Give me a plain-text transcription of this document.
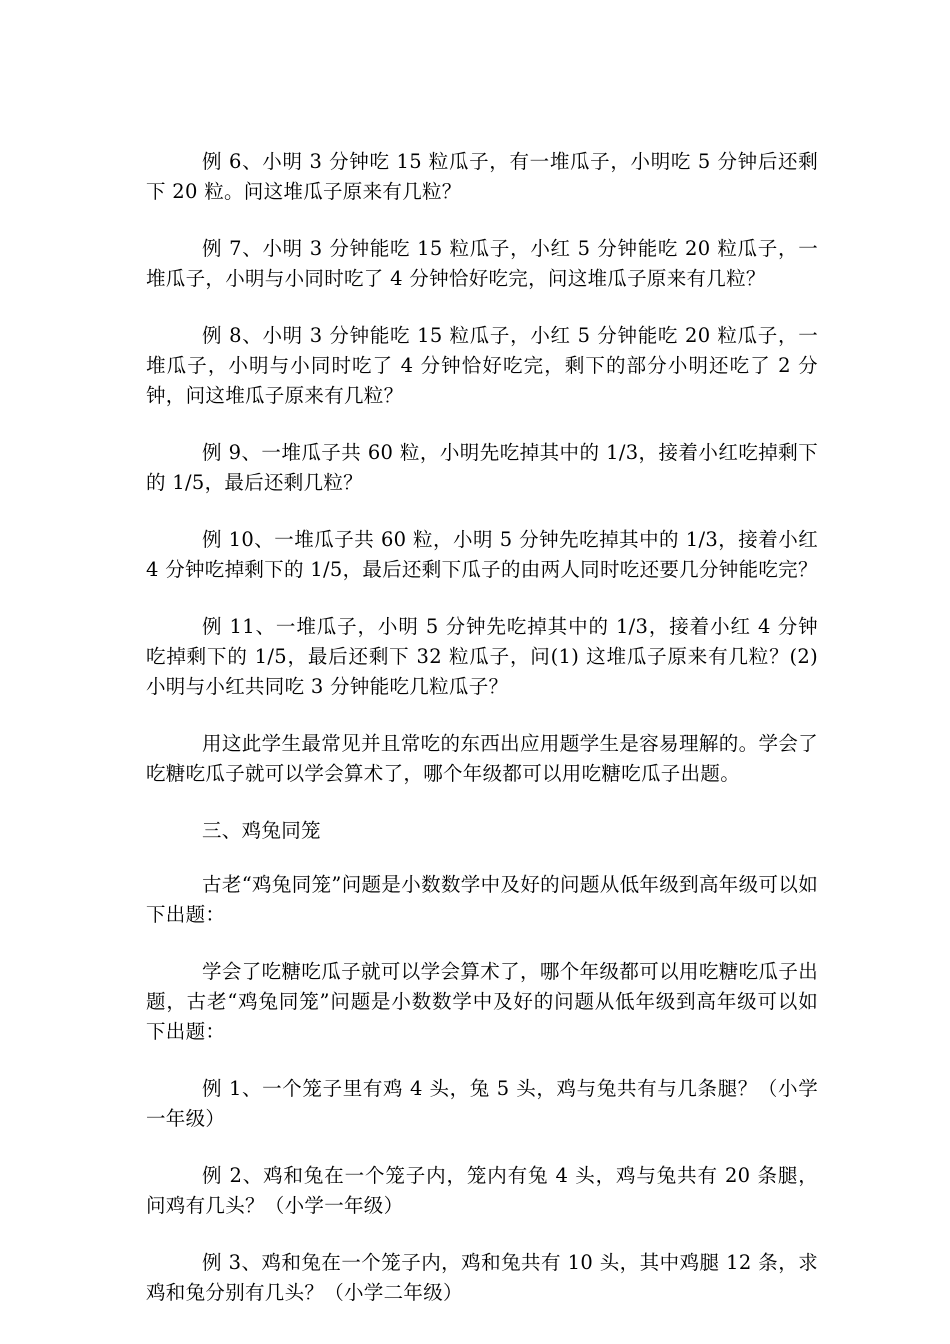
例 6、小明 3 分钟吃 15 粒瓜子，有一堆瓜子，小明吃 5 分钟后还剩下 20 粒。问这堆瓜子原来有几粒？

例 7、小明 3 分钟能吃 15 粒瓜子，小红 5 分钟能吃 20 粒瓜子，一堆瓜子，小明与小同时吃了 4 分钟恰好吃完，问这堆瓜子原来有几粒？

例 8、小明 3 分钟能吃 15 粒瓜子，小红 5 分钟能吃 20 粒瓜子，一堆瓜子，小明与小同时吃了 4 分钟恰好吃完，剩下的部分小明还吃了 2 分钟，问这堆瓜子原来有几粒？

例 9、一堆瓜子共 60 粒，小明先吃掉其中的 1/3，接着小红吃掉剩下的 1/5，最后还剩几粒？

例 10、一堆瓜子共 60 粒，小明 5 分钟先吃掉其中的 1/3，接着小红 4 分钟吃掉剩下的 1/5，最后还剩下瓜子的由两人同时吃还要几分钟能吃完？

例 11、一堆瓜子，小明 5 分钟先吃掉其中的 1/3，接着小红 4 分钟吃掉剩下的 1/5，最后还剩下 32 粒瓜子，问(1) 这堆瓜子原来有几粒？(2) 小明与小红共同吃 3 分钟能吃几粒瓜子？

用这此学生最常见并且常吃的东西出应用题学生是容易理解的。学会了吃糖吃瓜子就可以学会算术了，哪个年级都可以用吃糖吃瓜子出题。

三、鸡兔同笼

古老“鸡兔同笼”问题是小数数学中及好的问题从低年级到高年级可以如下出题：

学会了吃糖吃瓜子就可以学会算术了，哪个年级都可以用吃糖吃瓜子出题，古老“鸡兔同笼”问题是小数数学中及好的问题从低年级到高年级可以如下出题：

例 1、一个笼子里有鸡 4 头，兔 5 头，鸡与兔共有与几条腿？（小学一年级）

例 2、鸡和兔在一个笼子内，笼内有兔 4 头，鸡与兔共有 20 条腿，问鸡有几头？（小学一年级）

例 3、鸡和兔在一个笼子内，鸡和兔共有 10 头，其中鸡腿 12 条，求鸡和兔分别有几头？（小学二年级）
